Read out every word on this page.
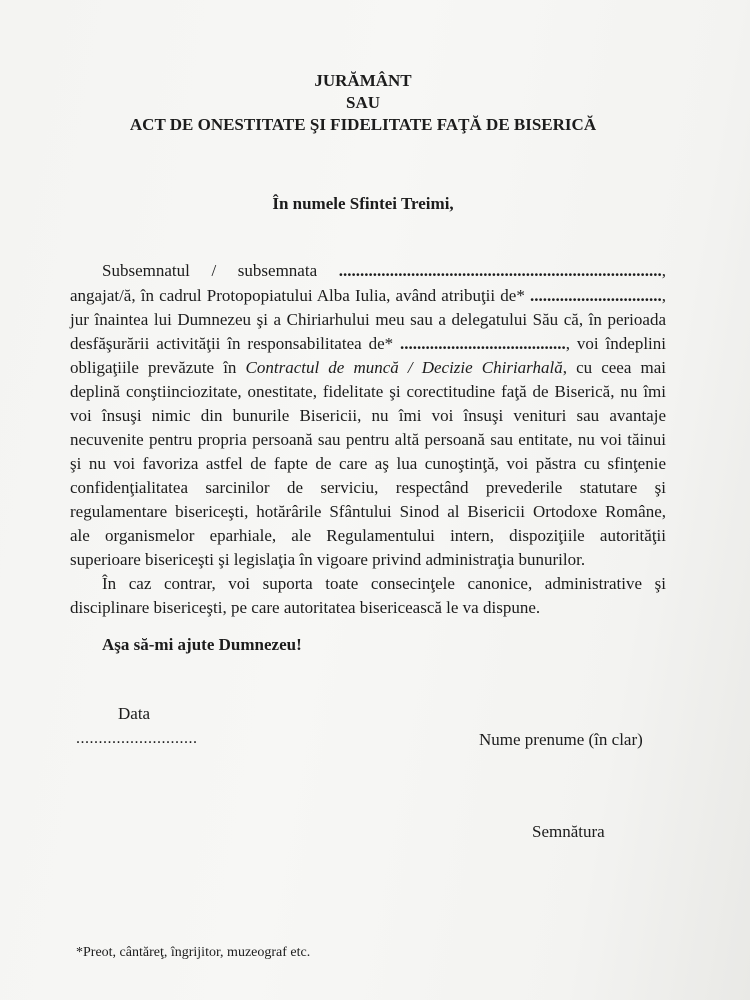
JURĂMÂNT
SAU
ACT DE ONESTITATE ŞI FIDELITATE FAŢĂ DE BISERICĂ
În numele Sfintei Treimi,
Subsemnatul / subsemnata ............................................................................,
angajat/ă, în cadrul Protopopiatului Alba Iulia, având atribuţii de* ...............................,
jur înaintea lui Dumnezeu şi a Chiriarhului meu sau a delegatului Său că, în perioada
desfăşurării activităţii în responsabilitatea de* ......................................., voi îndeplini
obligaţiile prevăzute în Contractul de muncă / Decizie Chiriarhală, cu ceea mai
deplină conştiinciozitate, onestitate, fidelitate şi corectitudine faţă de Biserică, nu îmi
voi însuşi nimic din bunurile Bisericii, nu îmi voi însuşi venituri sau avantaje
necuvenite pentru propria persoană sau pentru altă persoană sau entitate, nu voi tăinui
şi nu voi favoriza astfel de fapte de care aş lua cunoştinţă, voi păstra cu sfinţenie
confidenţialitatea sarcinilor de serviciu, respectând prevederile statutare şi
regulamentare bisericeşti, hotărârile Sfântului Sinod al Bisericii Ortodoxe Române,
ale organismelor eparhiale, ale Regulamentului intern, dispoziţiile autorităţii
superioare bisericeşti şi legislaţia în vigoare privind administraţia bunurilor.
În caz contrar, voi suporta toate consecinţele canonice, administrative şi
disciplinare bisericeşti, pe care autoritatea bisericească le va dispune.
Aşa să-mi ajute Dumnezeu!
Data
...........................	Nume prenume (în clar)
Semnătura
*Preot, cântăreţ, îngrijitor, muzeograf etc.
